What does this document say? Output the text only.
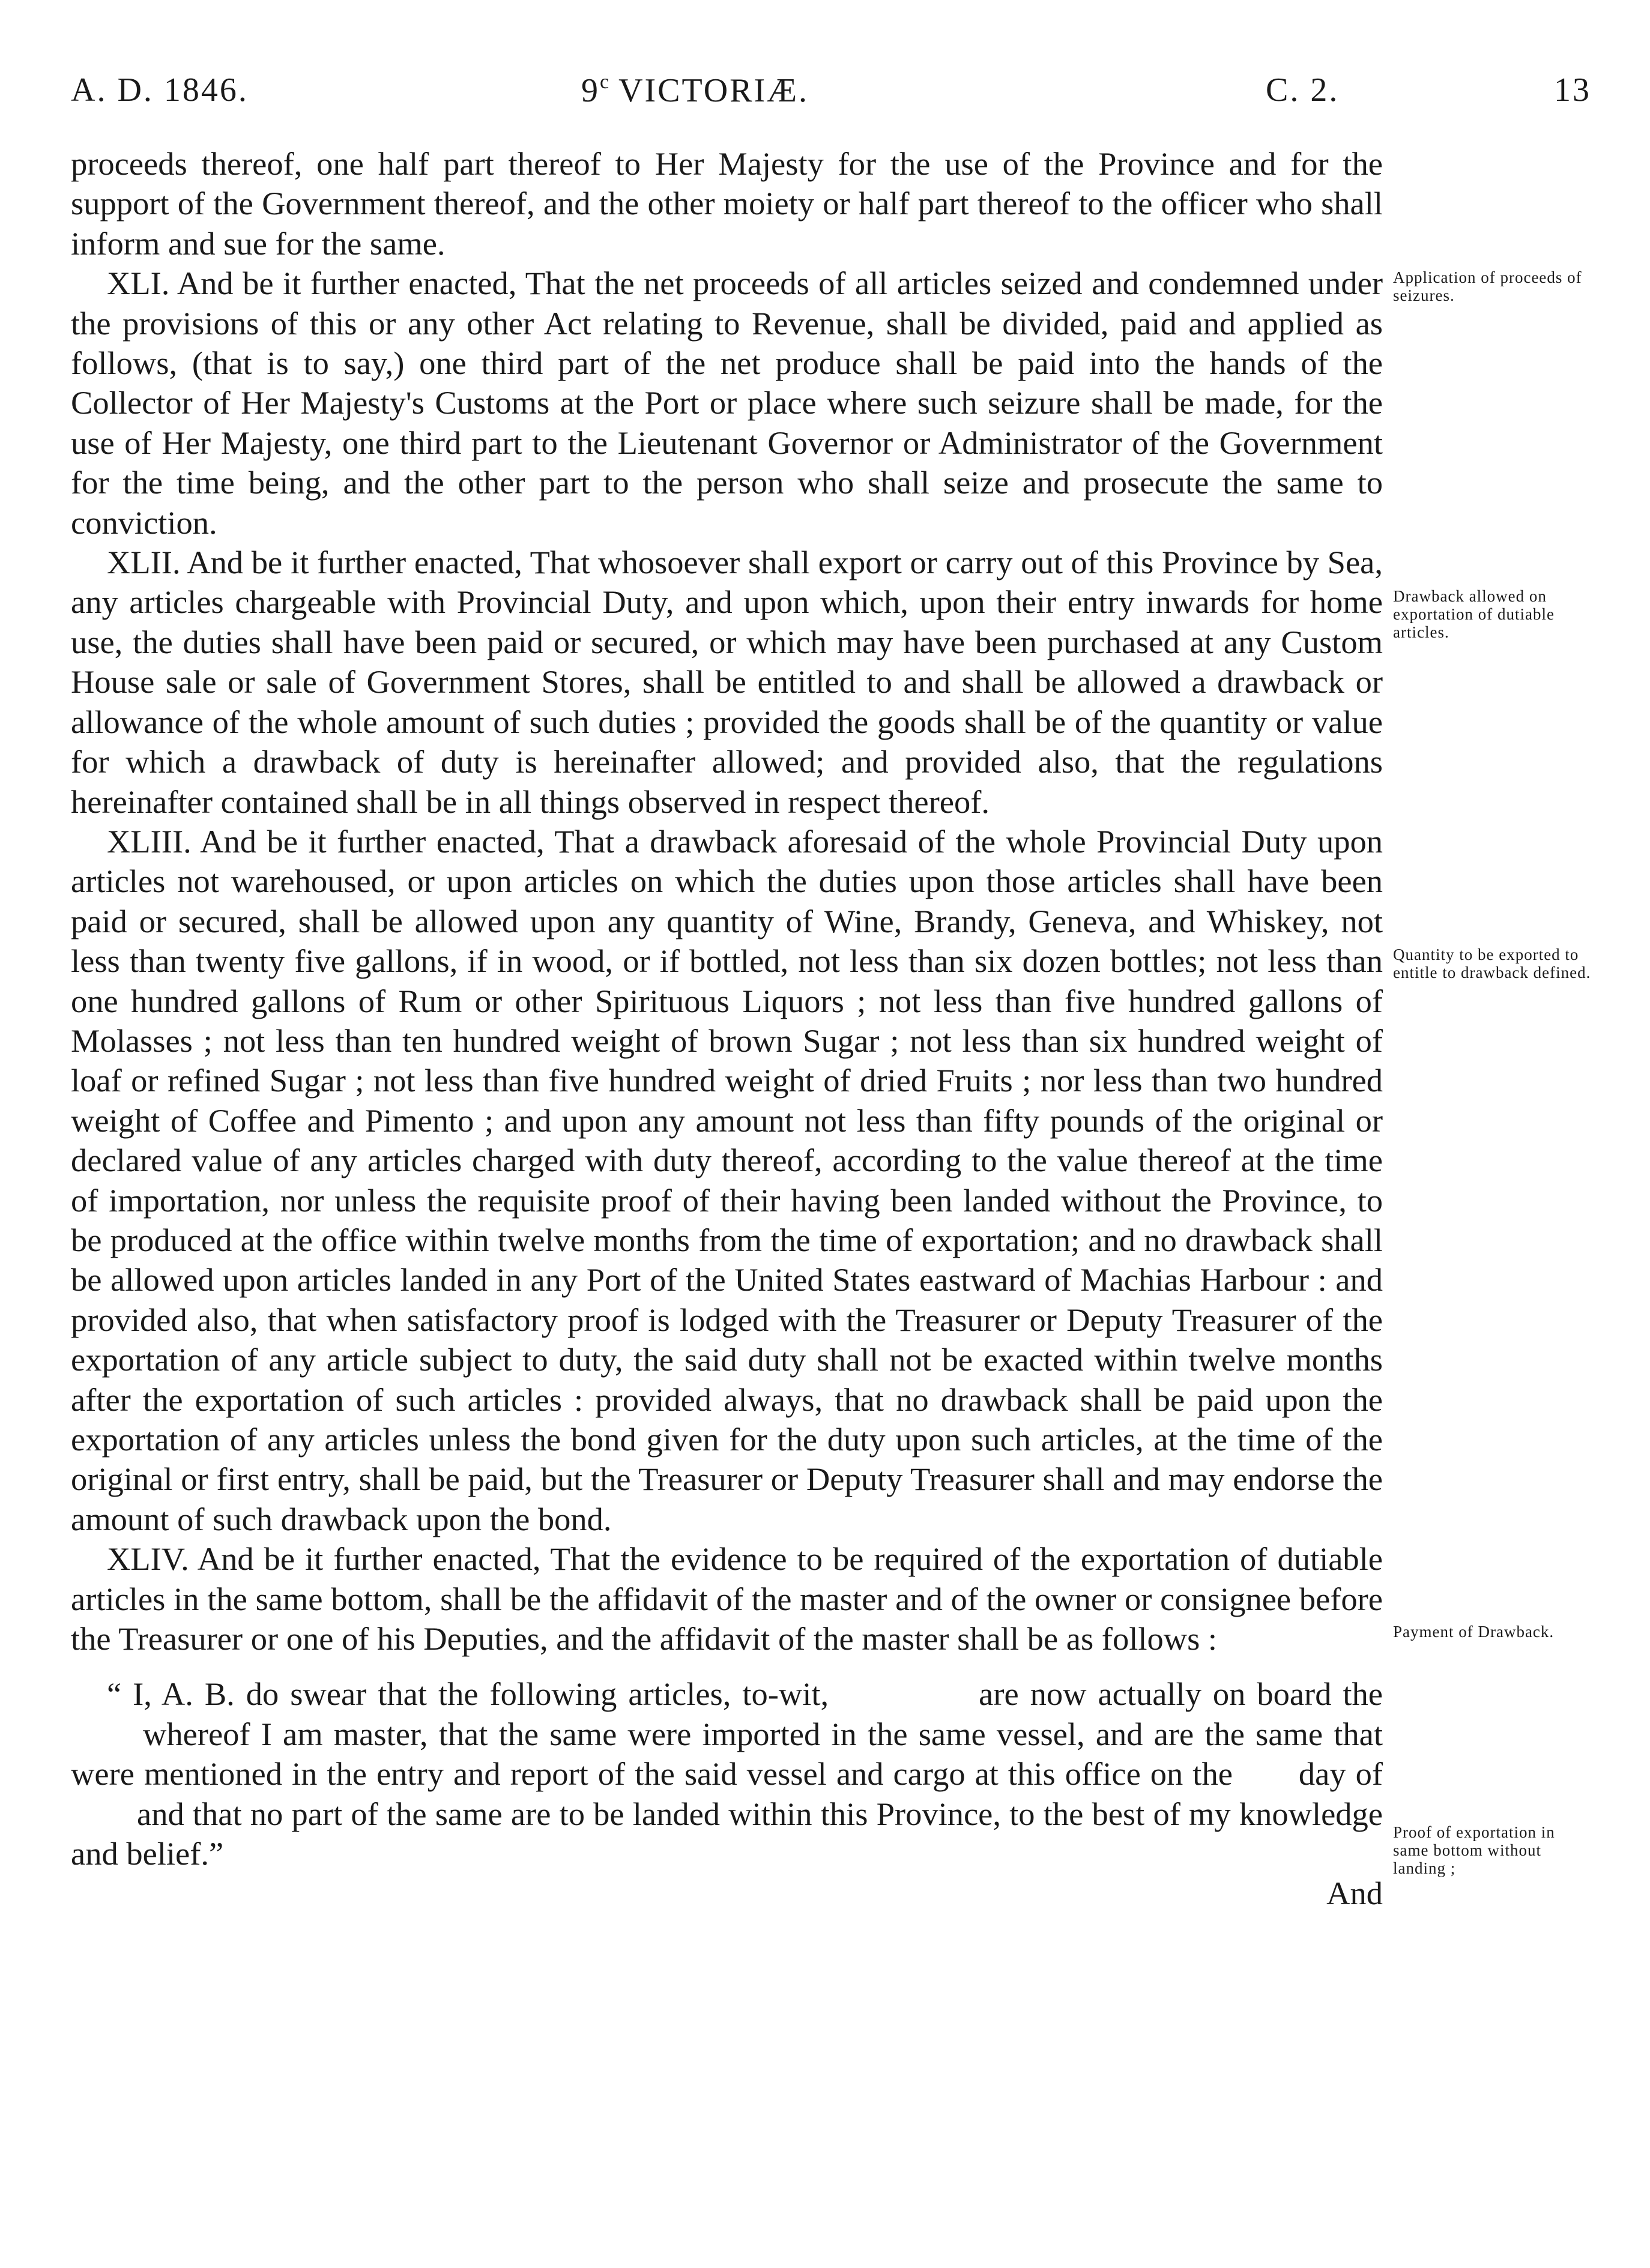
A. D. 1846.	9$^c$ VICTORIÆ.	C. 2.	13

proceeds thereof, one half part thereof to Her Majesty for the use of the Province and for the support of the Government thereof, and the other moiety or half part thereof to the officer who shall inform and sue for the same.

XLI. And be it further enacted, That the net proceeds of all articles seized and condemned under the provisions of this or any other Act relating to Revenue, shall be divided, paid and applied as follows, (that is to say,) one third part of the net produce shall be paid into the hands of the Collector of Her Majesty's Customs at the Port or place where such seizure shall be made, for the use of Her Majesty, one third part to the Lieutenant Governor or Administrator of the Government for the time being, and the other part to the person who shall seize and prosecute the same to conviction.

XLII. And be it further enacted, That whosoever shall export or carry out of this Province by Sea, any articles chargeable with Provincial Duty, and upon which, upon their entry inwards for home use, the duties shall have been paid or secured, or which may have been purchased at any Custom House sale or sale of Government Stores, shall be entitled to and shall be allowed a drawback or allowance of the whole amount of such duties ; provided the goods shall be of the quantity or value for which a drawback of duty is hereinafter allowed; and provided also, that the regulations hereinafter contained shall be in all things observed in respect thereof.

XLIII. And be it further enacted, That a drawback aforesaid of the whole Provincial Duty upon articles not warehoused, or upon articles on which the duties upon those articles shall have been paid or secured, shall be allowed upon any quantity of Wine, Brandy, Geneva, and Whiskey, not less than twenty five gallons, if in wood, or if bottled, not less than six dozen bottles; not less than one hundred gallons of Rum or other Spirituous Liquors ; not less than five hundred gallons of Molasses ; not less than ten hundred weight of brown Sugar ; not less than six hundred weight of loaf or refined Sugar ; not less than five hundred weight of dried Fruits ; nor less than two hundred weight of Coffee and Pimento ; and upon any amount not less than fifty pounds of the original or declared value of any articles charged with duty thereof, according to the value thereof at the time of importation, nor unless the requisite proof of their having been landed without the Province, to be produced at the office within twelve months from the time of exportation; and no drawback shall be allowed upon articles landed in any Port of the United States eastward of Machias Harbour : and provided also, that when satisfactory proof is lodged with the Treasurer or Deputy Treasurer of the exportation of any article subject to duty, the said duty shall not be exacted within twelve months after the exportation of such articles : provided always, that no drawback shall be paid upon the exportation of any articles unless the bond given for the duty upon such articles, at the time of the original or first entry, shall be paid, but the Treasurer or Deputy Treasurer shall and may endorse the amount of such drawback upon the bond.

XLIV. And be it further enacted, That the evidence to be required of the exportation of dutiable articles in the same bottom, shall be the affidavit of the master and of the owner or consignee before the Treasurer or one of his Deputies, and the affidavit of the master shall be as follows :

“ I, A. B. do swear that the following articles, to-wit,	are now actually on board thewhereof I am master, that the same were imported in the same vessel, and are the same that were mentioned in the entry and report of the said vessel and cargo at this office on the day ofand that no part of the same are to be landed within this Province, to the best of my knowledge and belief.”

And

Application of proceeds of seizures.
Drawback allowed on exportation of dutiable articles.
Quantity to be exported to entitle to drawback defined.
Payment of Drawback.
Proof of exportation in same bottom without landing ;
